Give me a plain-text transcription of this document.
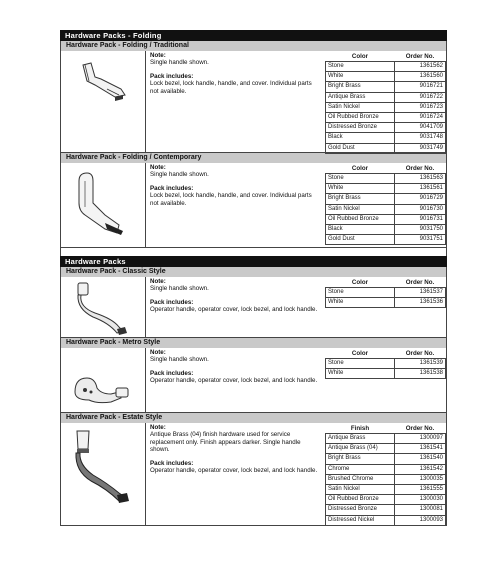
Hardware Packs - Folding
Hardware Pack - Folding / Traditional
Note:
Single handle shown.
Pack includes:
Lock bezel, lock handle, handle, and cover. Individual parts not available.
Color	Order No.
Stone	1361562
White	1361560
Bright Brass	9016721
Antique Brass	9016722
Satin Nickel	9016723
Oil Rubbed Bronze	9016724
Distressed Bronze	9041709
Black	9031748
Gold Dust	9031749
Hardware Pack - Folding / Contemporary
Note:
Single handle shown.
Pack includes:
Lock bezel, lock handle, handle, and cover. Individual parts not available.
Color	Order No.
Stone	1361563
White	1361561
Bright Brass	9016729
Satin Nickel	9016730
Oil Rubbed Bronze	9016731
Black	9031750
Gold Dust	9031751
Hardware Packs
Hardware Pack - Classic Style
Note:
Single handle shown.
Pack includes:
Operator handle, operator cover, lock bezel, and lock handle.
Color	Order No.
Stone	1361537
White	1361536
Hardware Pack - Metro Style
Note:
Single handle shown.
Pack includes:
Operator handle, operator cover, lock bezel, and lock handle.
Color	Order No.
Stone	1361539
White	1361538
Hardware Pack - Estate Style
Note:
Antique Brass (04) finish hardware used for service replacement only. Finish appears darker. Single handle shown.
Pack includes:
Operator handle, operator cover, lock bezel, and lock handle.
Finish	Order No.
Antique Brass	1300097
Antique Brass (04)	1361541
Bright Brass	1361540
Chrome	1361542
Brushed Chrome	1300035
Satin Nickel	1361555
Oil Rubbed Bronze	1300030
Distressed Bronze	1300081
Distressed Nickel	1300093
